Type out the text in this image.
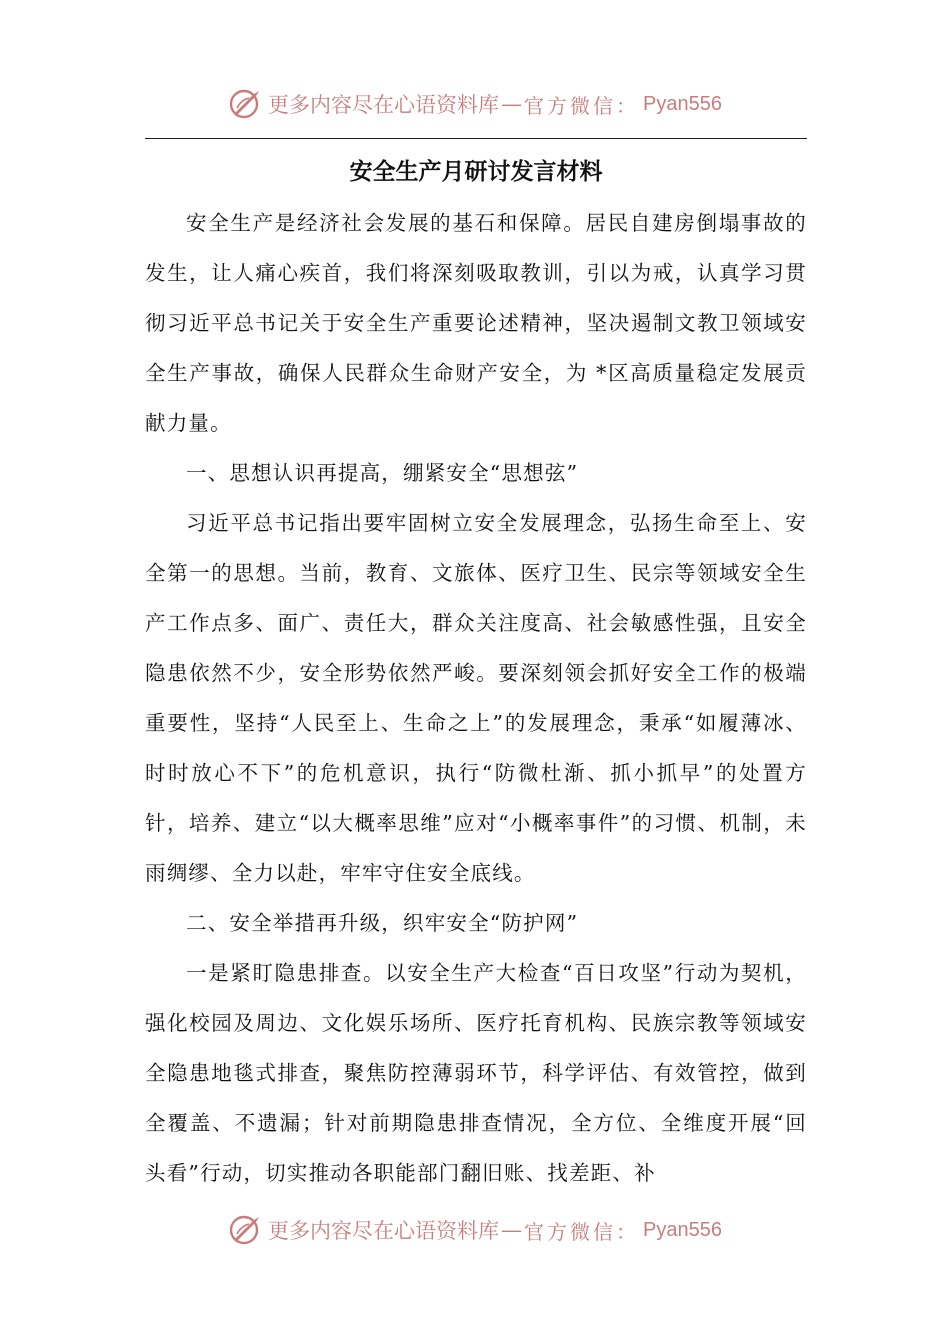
更多内容尽在心语资料库 — 官方微信： Pyan556
安全生产月研讨发言材料

安全生产是经济社会发展的基石和保障。居民自建房倒塌事故的发生，让人痛心疾首，我们将深刻吸取教训，引以为戒，认真学习贯彻习近平总书记关于安全生产重要论述精神，坚决遏制文教卫领域安全生产事故，确保人民群众生命财产安全，为 *区高质量稳定发展贡献力量。

一、思想认识再提高，绷紧安全“思想弦”

习近平总书记指出要牢固树立安全发展理念，弘扬生命至上、安全第一的思想。当前，教育、文旅体、医疗卫生、民宗等领域安全生产工作点多、面广、责任大，群众关注度高、社会敏感性强，且安全隐患依然不少，安全形势依然严峻。要深刻领会抓好安全工作的极端重要性，坚持“人民至上、生命之上”的发展理念，秉承“如履薄冰、时时放心不下”的危机意识，执行“防微杜渐、抓小抓早”的处置方针，培养、建立“以大概率思维”应对“小概率事件”的习惯、机制，未雨绸缪、全力以赴，牢牢守住安全底线。

二、安全举措再升级，织牢安全“防护网”

一是紧盯隐患排查。以安全生产大检查“百日攻坚”行动为契机，强化校园及周边、文化娱乐场所、医疗托育机构、民族宗教等领域安全隐患地毯式排查，聚焦防控薄弱环节，科学评估、有效管控，做到全覆盖、不遗漏；针对前期隐患排查情况，全方位、全维度开展“回头看”行动，切实推动各职能部门翻旧账、找差距、补

更多内容尽在心语资料库 — 官方微信： Pyan556
